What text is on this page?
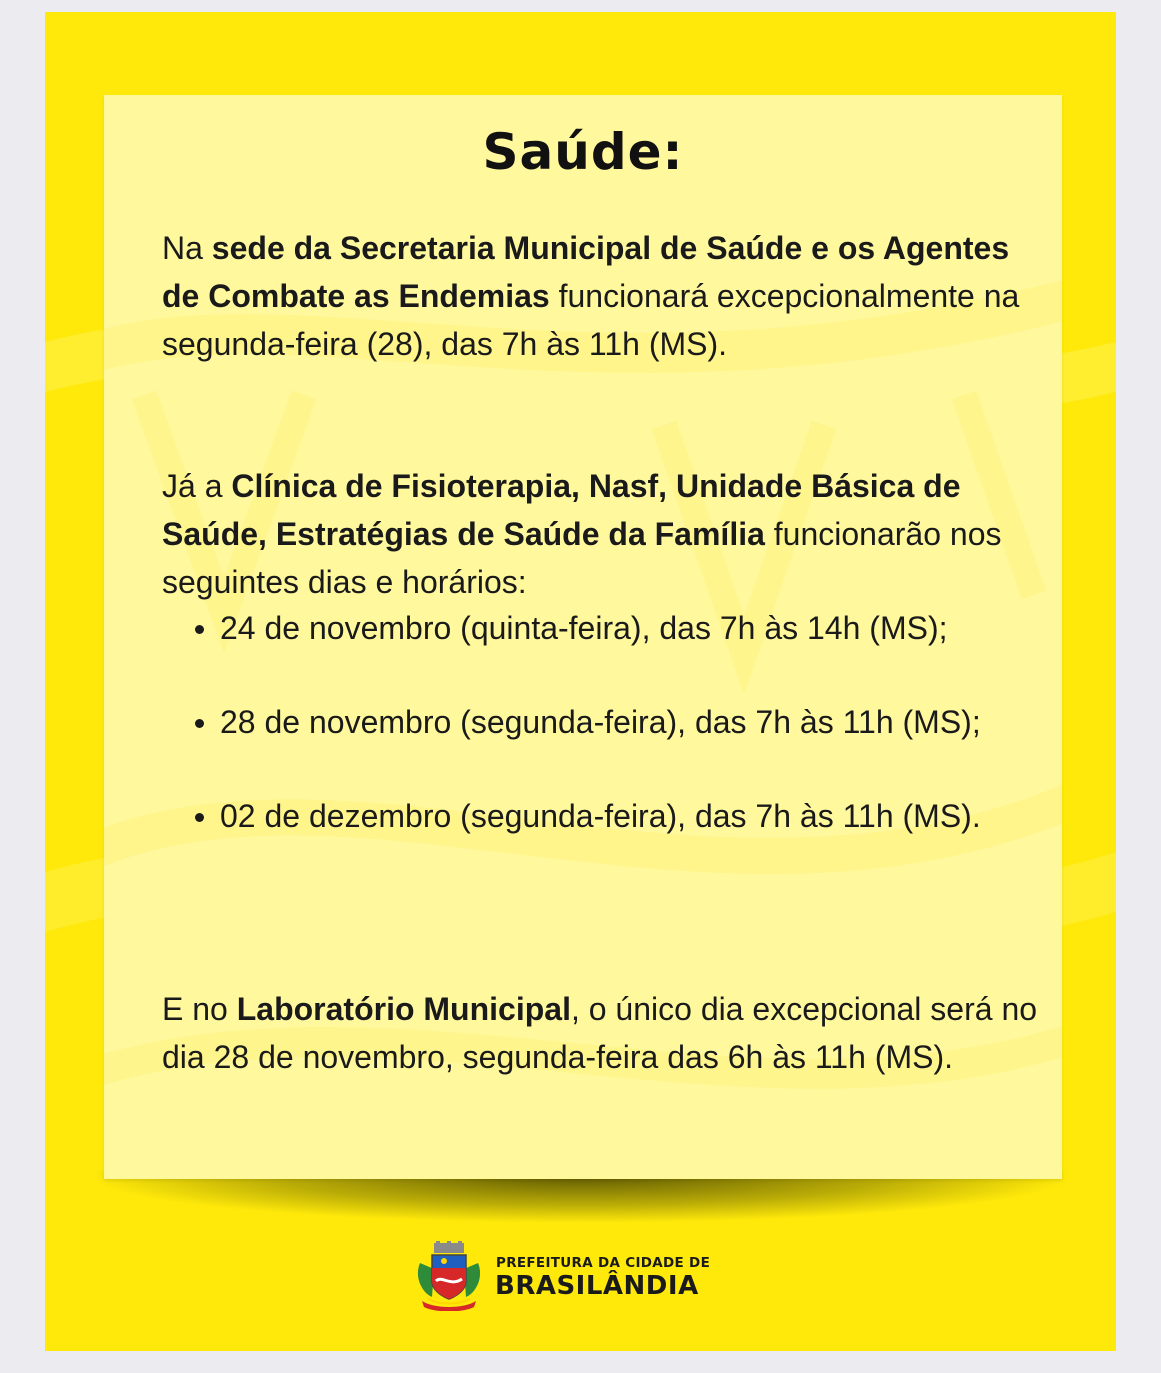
Saúde:
Na sede da Secretaria Municipal de Saúde e os Agentes de Combate as Endemias funcionará excepcionalmente na segunda-feira (28), das 7h às 11h (MS).
Já a Clínica de Fisioterapia, Nasf, Unidade Básica de Saúde, Estratégias de Saúde da Família funcionarão nos seguintes dias e horários:
24 de novembro (quinta-feira), das 7h às 14h (MS);
28 de novembro (segunda-feira), das 7h às 11h (MS);
02 de dezembro (segunda-feira), das 7h às 11h (MS).
E no Laboratório Municipal, o único dia excepcional será no dia 28 de novembro, segunda-feira das 6h às 11h (MS).
PREFEITURA DA CIDADE DE
BRASILÂNDIA
